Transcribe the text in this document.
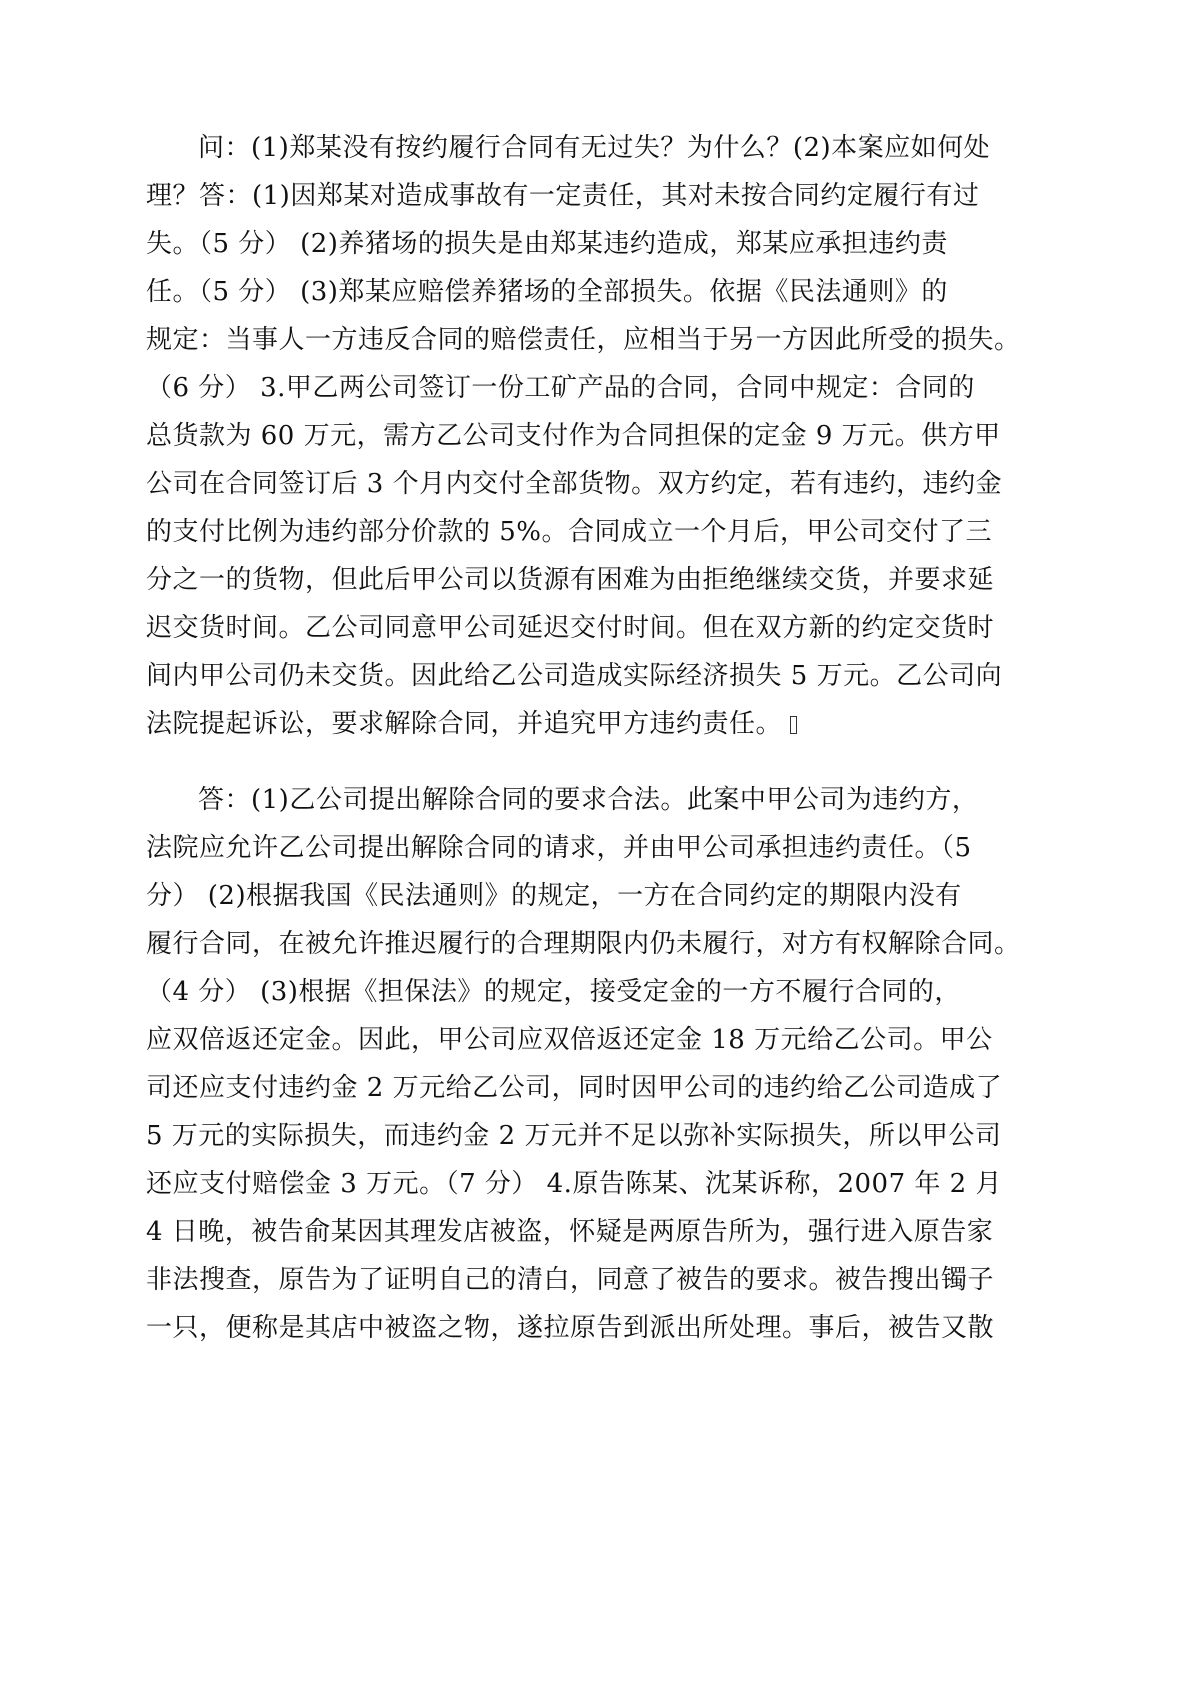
问：(1)郑某没有按约履行合同有无过失？为什么？(2)本案应如何处
理？答：(1)因郑某对造成事故有一定责任，其对未按合同约定履行有过
失。（5 分） (2)养猪场的损失是由郑某违约造成，郑某应承担违约责
任。（5 分） (3)郑某应赔偿养猪场的全部损失。依据《民法通则》的
规定：当事人一方违反合同的赔偿责任，应相当于另一方因此所受的损失。
（6 分） 3.甲乙两公司签订一份工矿产品的合同，合同中规定：合同的
总货款为 60 万元，需方乙公司支付作为合同担保的定金 9 万元。供方甲
公司在合同签订后 3 个月内交付全部货物。双方约定，若有违约，违约金
的支付比例为违约部分价款的 5%。合同成立一个月后，甲公司交付了三
分之一的货物，但此后甲公司以货源有困难为由拒绝继续交货，并要求延
迟交货时间。乙公司同意甲公司延迟交付时间。但在双方新的约定交货时
间内甲公司仍未交货。因此给乙公司造成实际经济损失 5 万元。乙公司向
法院提起诉讼，要求解除合同，并追究甲方违约责任。
答：(1)乙公司提出解除合同的要求合法。此案中甲公司为违约方，
法院应允许乙公司提出解除合同的请求，并由甲公司承担违约责任。（5
分） (2)根据我国《民法通则》的规定，一方在合同约定的期限内没有
履行合同，在被允许推迟履行的合理期限内仍未履行，对方有权解除合同。
（4 分） (3)根据《担保法》的规定，接受定金的一方不履行合同的，
应双倍返还定金。因此，甲公司应双倍返还定金 18 万元给乙公司。甲公
司还应支付违约金 2 万元给乙公司，同时因甲公司的违约给乙公司造成了
5 万元的实际损失，而违约金 2 万元并不足以弥补实际损失，所以甲公司
还应支付赔偿金 3 万元。（7 分） 4.原告陈某、沈某诉称，2007 年 2 月
4 日晚，被告俞某因其理发店被盗，怀疑是两原告所为，强行进入原告家
非法搜查，原告为了证明自己的清白，同意了被告的要求。被告搜出镯子
一只，便称是其店中被盗之物，遂拉原告到派出所处理。事后，被告又散
